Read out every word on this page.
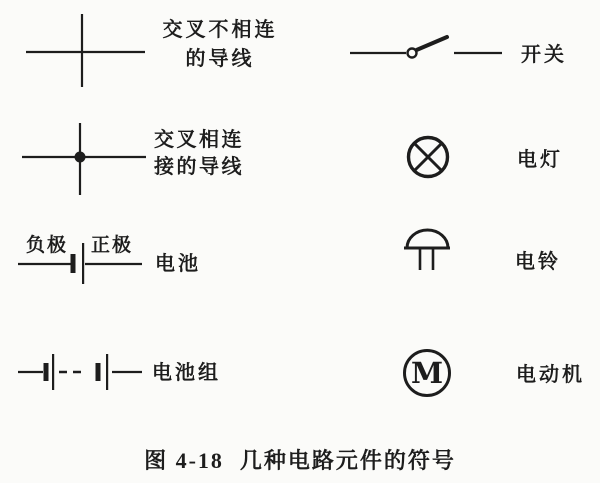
交叉不相连
的导线
交叉相连
接的导线
负极 正极
电池
电池组
开关
电灯
电铃
M	电动机
图 4-18 几种电路元件的符号
